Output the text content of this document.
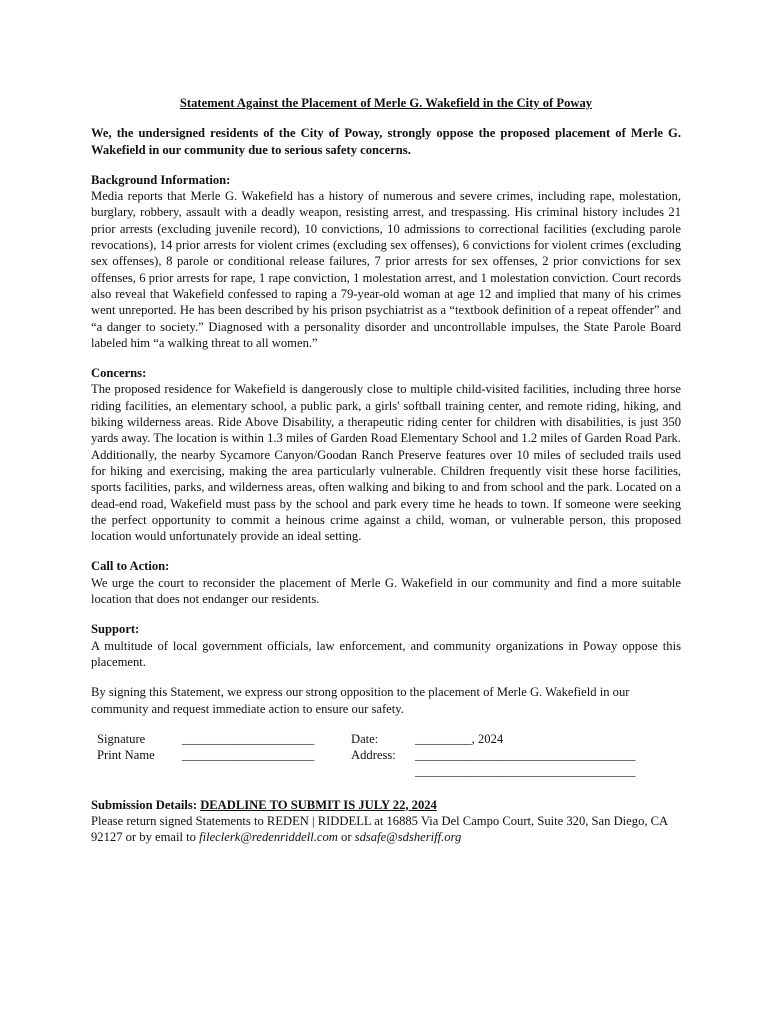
Statement Against the Placement of Merle G. Wakefield in the City of Poway
We, the undersigned residents of the City of Poway, strongly oppose the proposed placement of Merle G. Wakefield in our community due to serious safety concerns.
Background Information:
Media reports that Merle G. Wakefield has a history of numerous and severe crimes, including rape, molestation, burglary, robbery, assault with a deadly weapon, resisting arrest, and trespassing. His criminal history includes 21 prior arrests (excluding juvenile record), 10 convictions, 10 admissions to correctional facilities (excluding parole revocations), 14 prior arrests for violent crimes (excluding sex offenses), 6 convictions for violent crimes (excluding sex offenses), 8 parole or conditional release failures, 7 prior arrests for sex offenses, 2 prior convictions for sex offenses, 6 prior arrests for rape, 1 rape conviction, 1 molestation arrest, and 1 molestation conviction. Court records also reveal that Wakefield confessed to raping a 79-year-old woman at age 12 and implied that many of his crimes went unreported. He has been described by his prison psychiatrist as a “textbook definition of a repeat offender” and “a danger to society.” Diagnosed with a personality disorder and uncontrollable impulses, the State Parole Board labeled him “a walking threat to all women.”
Concerns:
The proposed residence for Wakefield is dangerously close to multiple child-visited facilities, including three horse riding facilities, an elementary school, a public park, a girls' softball training center, and remote riding, hiking, and biking wilderness areas. Ride Above Disability, a therapeutic riding center for children with disabilities, is just 350 yards away. The location is within 1.3 miles of Garden Road Elementary School and 1.2 miles of Garden Road Park. Additionally, the nearby Sycamore Canyon/Goodan Ranch Preserve features over 10 miles of secluded trails used for hiking and exercising, making the area particularly vulnerable. Children frequently visit these horse facilities, sports facilities, parks, and wilderness areas, often walking and biking to and from school and the park. Located on a dead-end road, Wakefield must pass by the school and park every time he heads to town. If someone were seeking the perfect opportunity to commit a heinous crime against a child, woman, or vulnerable person, this proposed location would unfortunately provide an ideal setting.
Call to Action:
We urge the court to reconsider the placement of Merle G. Wakefield in our community and find a more suitable location that does not endanger our residents.
Support:
A multitude of local government officials, law enforcement, and community organizations in Poway oppose this placement.
By signing this Statement, we express our strong opposition to the placement of Merle G. Wakefield in our community and request immediate action to ensure our safety.
Signature	_____________________	Date:	_________, 2024
Print Name _____________________	Address: ___________________________________
___________________________________
Submission Details: DEADLINE TO SUBMIT IS JULY 22, 2024
Please return signed Statements to REDEN | RIDDELL at 16885 Via Del Campo Court, Suite 320, San Diego, CA 92127 or by email to fileclerk@redenriddell.com or sdsafe@sdsheriff.org
